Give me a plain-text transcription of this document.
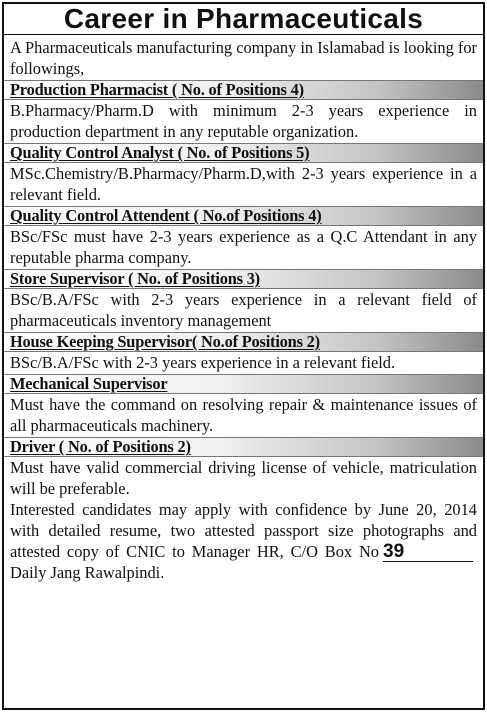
Career in Pharmaceuticals

A Pharmaceuticals manufacturing company in Islamabad is looking for followings,

Production Pharmacist ( No. of Positions 4)

B.Pharmacy/Pharm.D with minimum 2-3 years experience in production department in any reputable organization.

Quality Control Analyst ( No. of Positions 5)

MSc.Chemistry/B.Pharmacy/Pharm.D,with 2-3 years experience in a relevant field.

Quality Control Attendent ( No.of Positions 4)

BSc/FSc must have 2-3 years experience as a Q.C Attendant in any reputable pharma company.

Store Supervisor ( No. of Positions 3)

BSc/B.A/FSc with 2-3 years experience in a relevant field of pharmaceuticals inventory management

House Keeping Supervisor( No.of Positions 2)

BSc/B.A/FSc with 2-3 years experience in a relevant field.

Mechanical Supervisor

Must have the command on resolving repair & maintenance issues of all pharmaceuticals machinery.

Driver ( No. of Positions 2)

Must have valid commercial driving license of vehicle, matriculation will be preferable.

Interested candidates may apply with confidence by June 20, 2014 with detailed resume, two attested passport size photographs and attested copy of CNIC to Manager HR, C/O Box No 39Daily Jang Rawalpindi.
